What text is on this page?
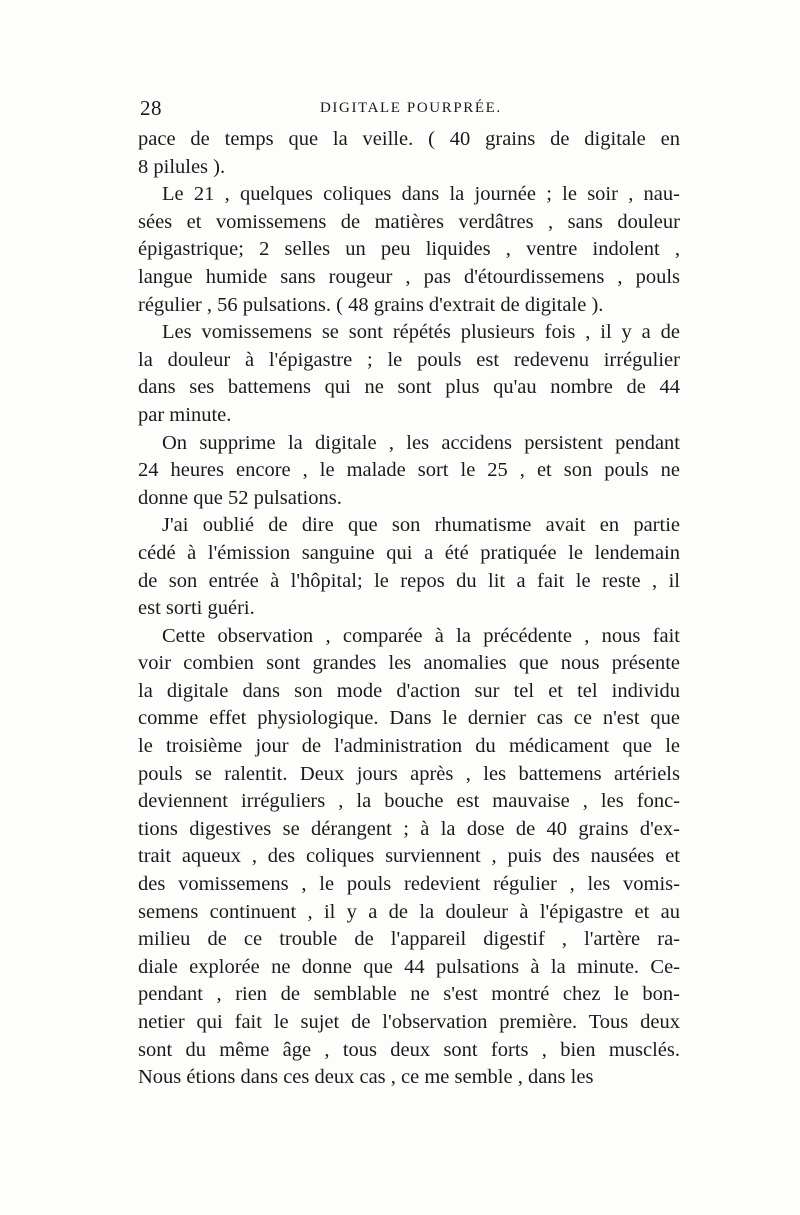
28	DIGITALE POURPRÉE.

pace de temps que la veille. ( 40 grains de digitale en
8 pilules ).

Le 21 , quelques coliques dans la journée ; le soir , nau-
sées et vomissemens de matières verdâtres , sans douleur
épigastrique; 2 selles un peu liquides , ventre indolent ,
langue humide sans rougeur , pas d'étourdissemens , pouls
régulier , 56 pulsations. ( 48 grains d'extrait de digitale ).

Les vomissemens se sont répétés plusieurs fois , il y a de
la douleur à l'épigastre ; le pouls est redevenu irrégulier
dans ses battemens qui ne sont plus qu'au nombre de 44
par minute.

On supprime la digitale , les accidens persistent pendant
24 heures encore , le malade sort le 25 , et son pouls ne
donne que 52 pulsations.

J'ai oublié de dire que son rhumatisme avait en partie
cédé à l'émission sanguine qui a été pratiquée le lendemain
de son entrée à l'hôpital; le repos du lit a fait le reste , il
est sorti guéri.

Cette observation , comparée à la précédente , nous fait
voir combien sont grandes les anomalies que nous présente
la digitale dans son mode d'action sur tel et tel individu
comme effet physiologique. Dans le dernier cas ce n'est que
le troisième jour de l'administration du médicament que le
pouls se ralentit. Deux jours après , les battemens artériels
deviennent irréguliers , la bouche est mauvaise , les fonc-
tions digestives se dérangent ; à la dose de 40 grains d'ex-
trait aqueux , des coliques surviennent , puis des nausées et
des vomissemens , le pouls redevient régulier , les vomis-
semens continuent , il y a de la douleur à l'épigastre et au
milieu de ce trouble de l'appareil digestif , l'artère ra-
diale explorée ne donne que 44 pulsations à la minute. Ce-
pendant , rien de semblable ne s'est montré chez le bon-
netier qui fait le sujet de l'observation première. Tous deux
sont du même âge , tous deux sont forts , bien musclés.
Nous étions dans ces deux cas , ce me semble , dans les
